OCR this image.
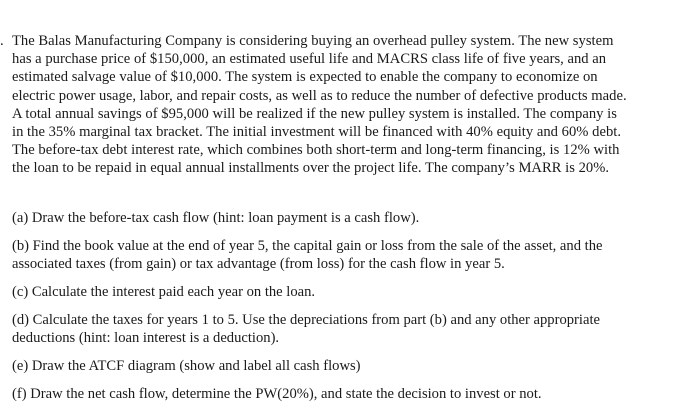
. The Balas Manufacturing Company is considering buying an overhead pulley system. The new system has a purchase price of $150,000, an estimated useful life and MACRS class life of five years, and an estimated salvage value of $10,000. The system is expected to enable the company to economize on electric power usage, labor, and repair costs, as well as to reduce the number of defective products made. A total annual savings of $95,000 will be realized if the new pulley system is installed. The company is in the 35% marginal tax bracket. The initial investment will be financed with 40% equity and 60% debt. The before-tax debt interest rate, which combines both short-term and long-term financing, is 12% with the loan to be repaid in equal annual installments over the project life. The company’s MARR is 20%.
(a) Draw the before-tax cash flow (hint: loan payment is a cash flow).
(b) Find the book value at the end of year 5, the capital gain or loss from the sale of the asset, and the associated taxes (from gain) or tax advantage (from loss) for the cash flow in year 5.
(c) Calculate the interest paid each year on the loan.
(d) Calculate the taxes for years 1 to 5. Use the depreciations from part (b) and any other appropriate deductions (hint: loan interest is a deduction).
(e) Draw the ATCF diagram (show and label all cash flows)
(f) Draw the net cash flow, determine the PW(20%), and state the decision to invest or not.
